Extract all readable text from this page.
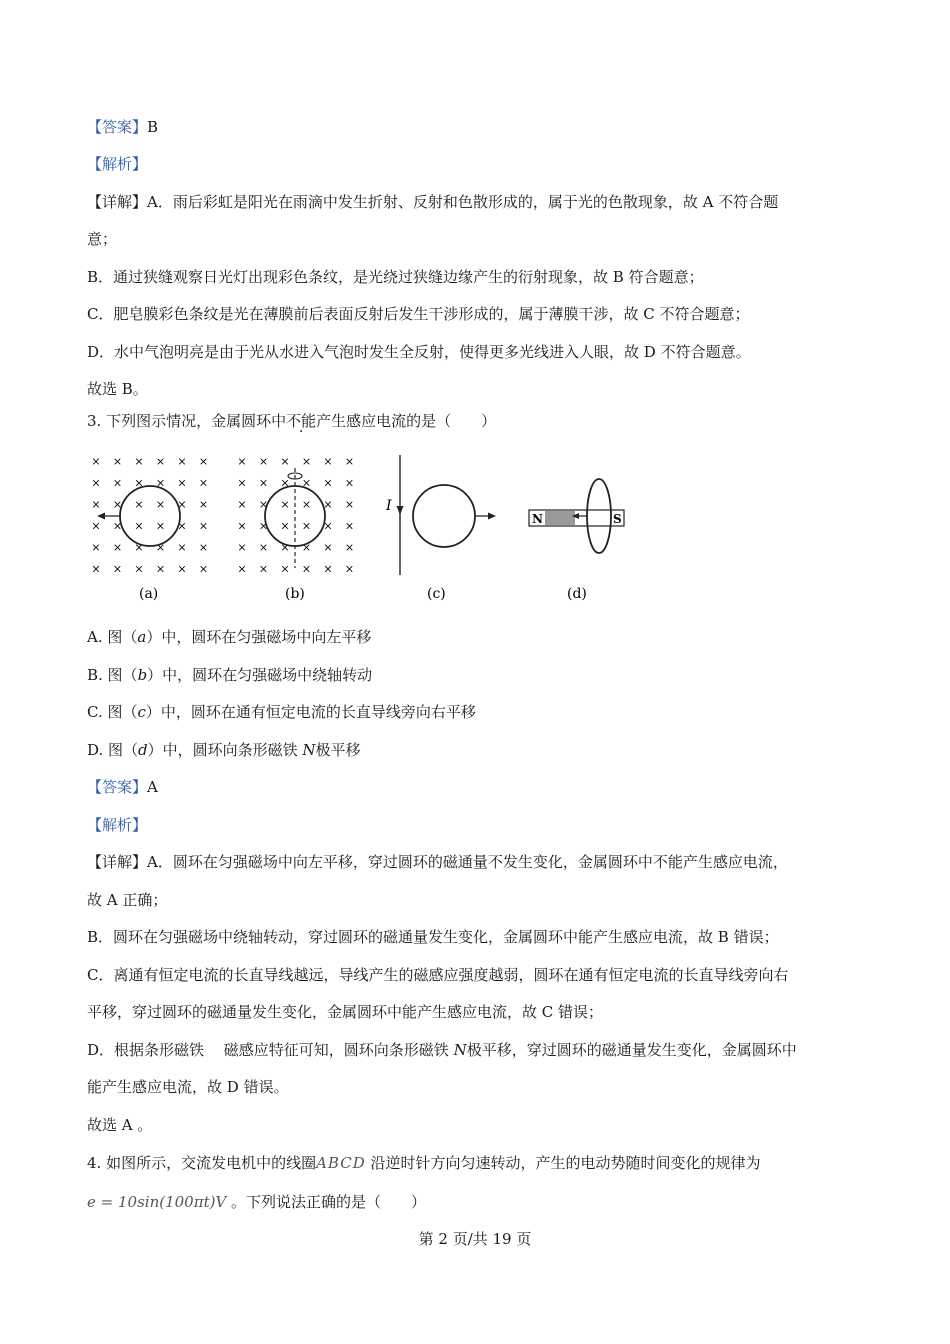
【答案】B
【解析】
【详解】A．雨后彩虹是阳光在雨滴中发生折射、反射和色散形成的，属于光的色散现象，故 A 不符合题
意；
B．通过狭缝观察日光灯出现彩色条纹，是光绕过狭缝边缘产生的衍射现象，故 B 符合题意；
C．肥皂膜彩色条纹是光在薄膜前后表面反射后发生干涉形成的，属于薄膜干涉，故 C 不符合题意；
D．水中气泡明亮是由于光从水进入气泡时发生全反射，使得更多光线进入人眼，故 D 不符合题意。
故选 B。
3. 下列图示情况，金属圆环中不能产生感应电流的是（　　）
× × × × × ×
× × × × × ×
× × × × × ×
× × × × × ×
× × × × × ×
× × × × × ×
× × × × × ×
× × × × × ×
× × × × × ×
× × × × × ×
× × × × × ×
× × × × × ×
I
N	S
(a)	(b)	(c)	(d)
A. 图（a）中，圆环在匀强磁场中向左平移
B. 图（b）中，圆环在匀强磁场中绕轴转动
C. 图（c）中，圆环在通有恒定电流的长直导线旁向右平移
D. 图（d）中，圆环向条形磁铁 N极平移
【答案】A
【解析】
【详解】A．圆环在匀强磁场中向左平移，穿过圆环的磁通量不发生变化，金属圆环中不能产生感应电流，
故 A 正确；
B．圆环在匀强磁场中绕轴转动，穿过圆环的磁通量发生变化，金属圆环中能产生感应电流，故 B 错误；
C．离通有恒定电流的长直导线越远，导线产生的磁感应强度越弱，圆环在通有恒定电流的长直导线旁向右
平移，穿过圆环的磁通量发生变化，金属圆环中能产生感应电流，故 C 错误；
D．根据条形磁铁　 磁感应特征可知，圆环向条形磁铁 N极平移，穿过圆环的磁通量发生变化，金属圆环中
能产生感应电流，故 D 错误。
故选 A 。
4. 如图所示，交流发电机中的线圈ABCD 沿逆时针方向匀速转动，产生的电动势随时间变化的规律为
e = 10sin(100πt)V 。下列说法正确的是（　　）
第 2 页/共 19 页
